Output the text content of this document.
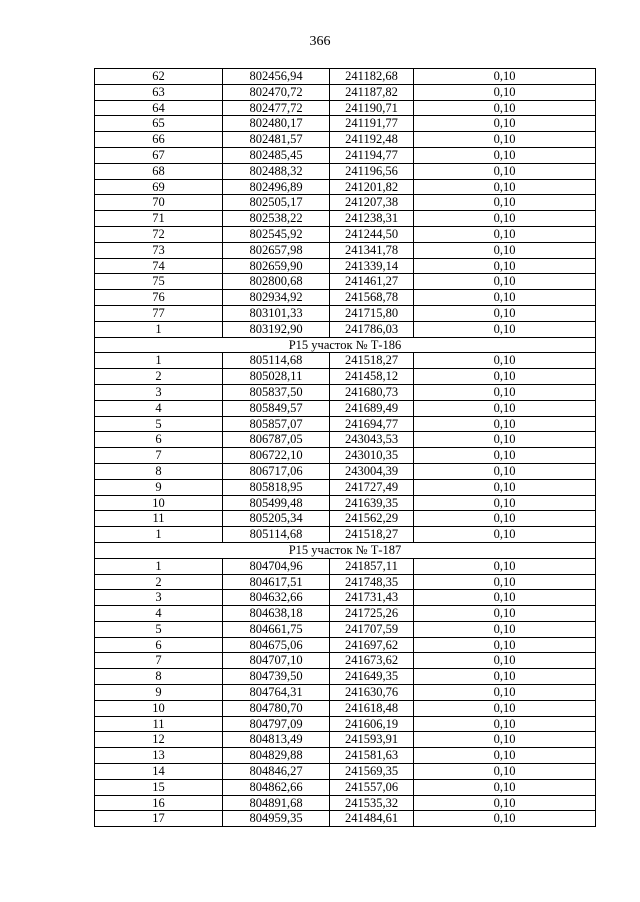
366
62	802456,94	241182,68	0,10
63	802470,72	241187,82	0,10
64	802477,72	241190,71	0,10
65	802480,17	241191,77	0,10
66	802481,57	241192,48	0,10
67	802485,45	241194,77	0,10
68	802488,32	241196,56	0,10
69	802496,89	241201,82	0,10
70	802505,17	241207,38	0,10
71	802538,22	241238,31	0,10
72	802545,92	241244,50	0,10
73	802657,98	241341,78	0,10
74	802659,90	241339,14	0,10
75	802800,68	241461,27	0,10
76	802934,92	241568,78	0,10
77	803101,33	241715,80	0,10
1	803192,90	241786,03	0,10
Р15 участок № Т-186			
1	805114,68	241518,27	0,10
2	805028,11	241458,12	0,10
3	805837,50	241680,73	0,10
4	805849,57	241689,49	0,10
5	805857,07	241694,77	0,10
6	806787,05	243043,53	0,10
7	806722,10	243010,35	0,10
8	806717,06	243004,39	0,10
9	805818,95	241727,49	0,10
10	805499,48	241639,35	0,10
11	805205,34	241562,29	0,10
1	805114,68	241518,27	0,10
Р15 участок № Т-187			
1	804704,96	241857,11	0,10
2	804617,51	241748,35	0,10
3	804632,66	241731,43	0,10
4	804638,18	241725,26	0,10
5	804661,75	241707,59	0,10
6	804675,06	241697,62	0,10
7	804707,10	241673,62	0,10
8	804739,50	241649,35	0,10
9	804764,31	241630,76	0,10
10	804780,70	241618,48	0,10
11	804797,09	241606,19	0,10
12	804813,49	241593,91	0,10
13	804829,88	241581,63	0,10
14	804846,27	241569,35	0,10
15	804862,66	241557,06	0,10
16	804891,68	241535,32	0,10
17	804959,35	241484,61	0,10
